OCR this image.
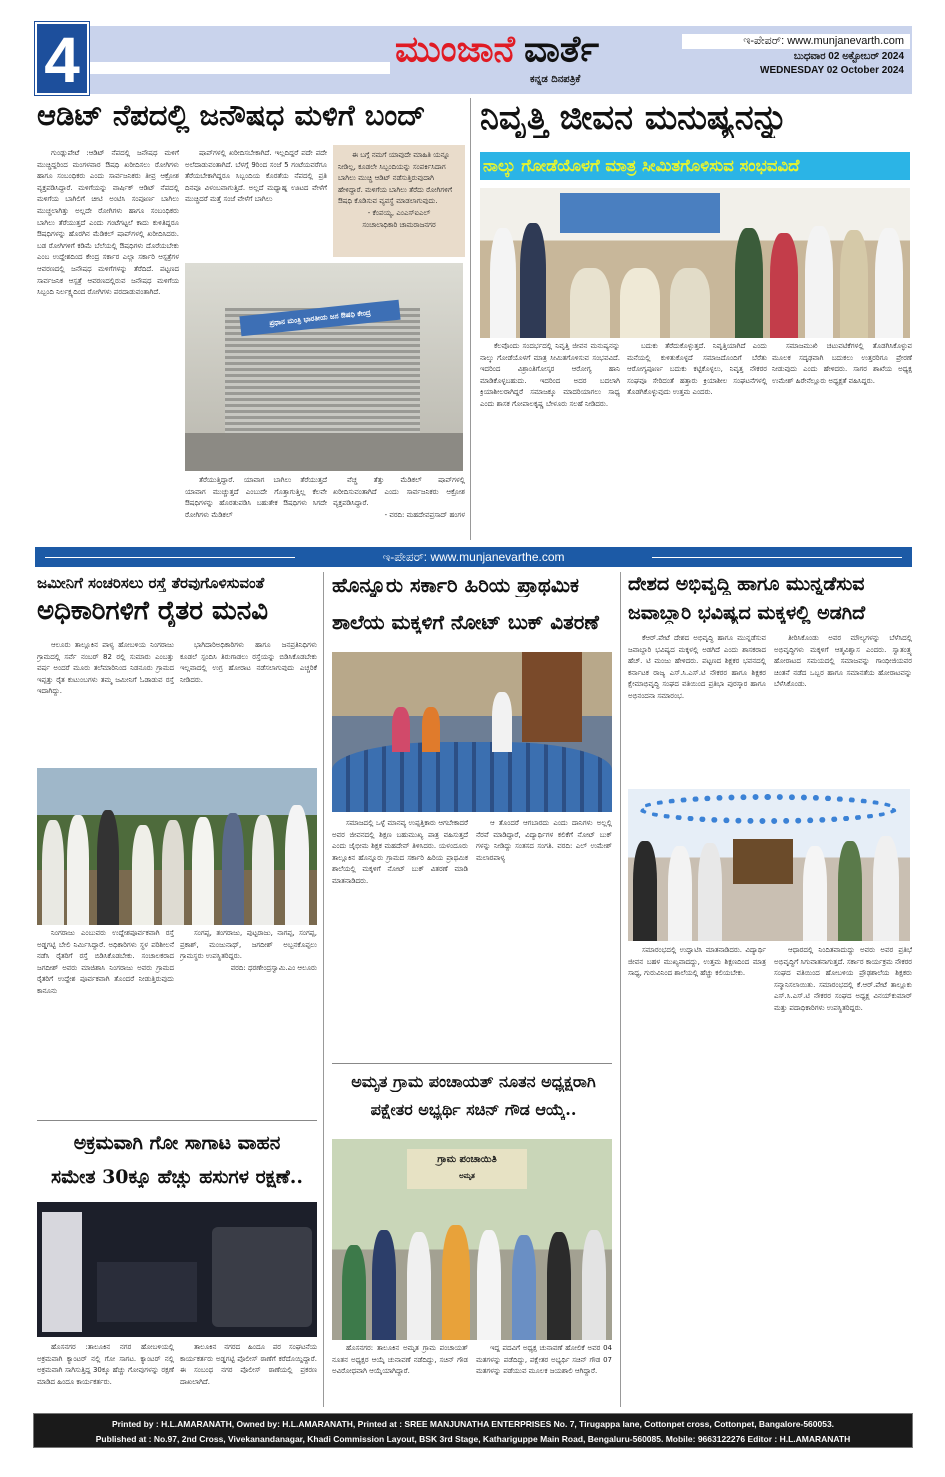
4	ಮುಂಜಾನೆ ವಾರ್ತೆ
ಕನ್ನಡ ದಿನಪತ್ರಿಕೆ
ಇ-ಪೇಪರ್: www.munjanevarth.com
ಬುಧವಾರ 02 ಅಕ್ಟೋಬರ್ 2024
WEDNESDAY 02 October 2024
ಆಡಿಟ್ ನೆಪದಲ್ಲಿ ಜನೌಷಧ ಮಳಿಗೆ ಬಂದ್

ಗುಂಡ್ಲುಪೇಟೆ :ಆಡಿಟ್ ನೆಪದಲ್ಲಿ ಜನೌಷಧ ಮಳಿಗೆ ಮುಚ್ಚಿದ್ದರಿಂದ ಮಂಗಳವಾರ ಔಷಧಿ ಖರೀದಿಸಲು ರೋಗಿಗಳು ಹಾಗೂ ಸಂಬಂಧಿಕರು ಎಂದು ಸಾರ್ವಜನಿಕರು ತೀವ್ರ ಆಕ್ರೋಶ ವ್ಯಕ್ತಪಡಿಸಿದ್ದಾರೆ. ಮಳಿಗೆಯನ್ನು ವಾರ್ಷಿಕ್ ಆಡಿಟ್ ನೆಪದಲ್ಲಿ ಮಳಿಗೆಯ ಬಾಗಿಲಿಗೆ ಚೀಟಿ ಅಂಟಿಸಿ ಸಂಪೂರ್ಣ ಬಾಗಿಲು ಮುಚ್ಚಲಾಗಿತ್ತು ಅಲ್ಲದೇ ರೋಗಿಗಳು ಹಾಗೂ ಸಂಬಂಧಿಕರು ಬಾಗಿಲು ತೆರೆಯುತ್ತದೆ ಎಂದು ಗಂಟೆಗಟ್ಟಲೆ ಕಾದು ಕುಳಿತಿದ್ದರೂ ಔಷಧಿಗಳನ್ನು ಹೊರಗಿನ ಮೆಡಿಕಲ್ ಷಾಪ್‌ಗಳಲ್ಲಿ ಖರೀದಿಸಿದರು. ಬಡ ರೋಗಿಗಳಿಗೆ ಕಡಿಮೆ ಬೆಲೆಯಲ್ಲಿ ಔಷಧಿಗಳು ದೊರೆಯಬೇಕು ಎಂಬ ಉದ್ದೇಶದಿಂದ ಕೇಂದ್ರ ಸರ್ಕಾರ ಎಲ್ಲಾ ಸರ್ಕಾರಿ ಆಸ್ಪತ್ರೆಗಳ ಆವರಣದಲ್ಲಿ ಜನೌಷಧ ಮಳಿಗೆಗಳನ್ನು ತೆರೆದಿದೆ. ಪಟ್ಟಣದ ಸಾರ್ವಜನಿಕ ಆಸ್ಪತ್ರೆ ಆವರಣದಲ್ಲಿರುವ ಜನೌಷಧ ಮಳಿಗೆಯ ಸಿಬ್ಬಂದಿ ನಿರ್ಲಕ್ಷ್ಯದಿಂದ ರೋಗಿಗಳು ಪರದಾಡುವಂತಾಗಿದೆ.

ಷಾಪ್‌ಗಳಲ್ಲಿ ಖರೀದಿಸಬೇಕಾಗಿದೆ. ಇಲ್ಲದಿದ್ದರೆ ಪದೇ ಪದೇ ಅಲೆದಾಡುವಂತಾಗಿದೆ. ಬೆಳಗ್ಗೆ 9ರಿಂದ ಸಂಜೆ 5 ಗಂಟೆಯವರೆಗೂ ತೆರೆಯಬೇಕಾಗಿದ್ದರೂ ಸಿಬ್ಬಂದಿಯ ಕೊರತೆಯ ನೆಪದಲ್ಲಿ ಪ್ರತಿ ದಿನವೂ ವಿಳಂಬವಾಗುತ್ತಿದೆ. ಅಲ್ಲದೆ ಮಧ್ಯಾಹ್ನ ಊಟದ ವೇಳೆಗೆ ಮುಚ್ಚಿದರೆ ಮತ್ತೆ ಸಂಜೆ ವೇಳೆಗೆ ಬಾಗಿಲು

ಈ ಬಗ್ಗೆ ನಮಗೆ ಯಾವುದೇ ಮಾಹಿತಿ ಯನ್ನೂ ನೀಡಿಲ್ಲ, ಕೂಡಲೇ ಸಿಬ್ಬಂದಿಯನ್ನು ಸಂಪರ್ಕಿಸಿದಾಗ ಬಾಗಿಲು ಮುಚ್ಚಿ ಆಡಿಟ್ ನಡೆಸುತ್ತಿರುವುದಾಗಿ ಹೇಳಿದ್ದಾರೆ. ಮಳಿಗೆಯ ಬಾಗಿಲು ತೆರೆದು ರೋಗಿಗಳಿಗೆ ಔಷಧಿ ಕೊಡಿಸುವ ವ್ಯವಸ್ಥೆ ಮಾಡಲಾಗುವುದು.

- ಕೆಂಪಯ್ಯ, ಎಂಎಸ್‌ಐಎಲ್
ಸಂಚಾಲಾಧಿಕಾರಿ ಚಾಮರಾಜನಗರ
ಪ್ರಧಾನ ಮಂತ್ರಿ ಭಾರತೀಯ ಜನ ಔಷಧಿ ಕೇಂದ್ರ

ತೆರೆಯುತ್ತಿದ್ದಾರೆ. ಯಾವಾಗ ಬಾಗಿಲು ತೆರೆಯುತ್ತದೆ ಯಾವಾಗ ಮುಚ್ಚುತ್ತದೆ ಎಂಬುದೇ ಗೊತ್ತಾಗುತ್ತಿಲ್ಲ ಕೆಲವೇ ಔಷಧಿಗಳನ್ನು ಹೊರತುಪಡಿಸಿ ಬಹುತೇಕ ಔಷಧಿಗಳು ಸಿಗದೇ ರೋಗಿಗಳು ಮೆಡಿಕಲ್

ವೆಚ್ಚ ತೆತ್ತು ಮೆಡಿಕಲ್ ಷಾಪ್‌ಗಳಲ್ಲಿ ಖರೀದಿಸುವಂತಾಗಿದೆ ಎಂದು ಸಾರ್ವಜನಿಕರು ಆಕ್ರೋಶ ವ್ಯಕ್ತಪಡಿಸಿದ್ದಾರೆ.

- ವರದಿ: ಮಹದೇವಪ್ರಸಾದ್ ಹಂಗಳ
ನಿವೃತ್ತಿ ಜೀವನ ಮನುಷ್ಯನನ್ನು
ನಾಲ್ಕು ಗೋಡೆಯೊಳಗೆ ಮಾತ್ರ ಸೀಮಿತಗೊಳಿಸುವ ಸಂಭವವಿದೆ

ಕೆಲವೊಂದು ಸಂದರ್ಭದಲ್ಲಿ ನಿವೃತ್ತಿ ಜೀವನ ಮನುಷ್ಯನನ್ನು ನಾಲ್ಕು ಗೋಡೆಯೊಳಗೆ ಮಾತ್ರ ಸೀಮಿತಗೊಳಿಸುವ ಸಂಭವವಿದೆ. ಇದರಿಂದ ವಿಶ್ರಾಂತಿಗೋಸ್ಕರ ಆರೋಗ್ಯ ಹಾನಿ ಮಾಡಿಕೊಳ್ಳಬಹುದು. ಇದರಿಂದ ಅದರ ಬದಲಾಗಿ ಕ್ರಿಯಾಶೀಲರಾಗಿದ್ದರೆ ಸಮಾಜಕ್ಕೂ ಮಾದರಿಯಾಗಲು ಸಾಧ್ಯ ಎಂದು ಶಾಸಕ ಗೋಪಾಲಕೃಷ್ಣ ಬೇಳೂರು ಸಲಹೆ ನೀಡಿದರು.

ಬದುಕು ತೆರೆದುಕೊಳ್ಳುತ್ತದೆ. ನಿವೃತ್ತಿಯಾಗಿದೆ ಎಂದು ಮನೆಯಲ್ಲಿ ಕುಳಿತುಕೊಳ್ಳದೆ ಸಮಾಜದೊಂದಿಗೆ ಬೆರೆತು ಆರೋಗ್ಯಪೂರ್ಣ ಬದುಕು ಕಟ್ಟಿಕೊಳ್ಳಲು, ನಿವೃತ್ತ ನೌಕರರ ಸಂಘವೂ ಸೇರಿದಂತೆ ಹತ್ತಾರು ಕ್ರಿಯಾಶೀಲ ಸಂಘಟನೆಗಳಲ್ಲಿ ತೊಡಗಿಕೊಳ್ಳುವುದು ಉತ್ತಮ ಎಂದರು.

ಸಮಾಜಮುಖಿ ಚಟುವಟಿಕೆಗಳಲ್ಲಿ ತೊಡಗಿಸಿಕೊಳ್ಳುವ ಮೂಲಕ ಸದೃಢವಾಗಿ ಬದುಕಲು ಉತ್ತರರಿಗೂ ಪ್ರೇರಣೆ ನೀಡುವುದು ಎಂದು ಹೇಳಿದರು. ಸಾಗರ ಶಾಖೆಯ ಅಧ್ಯಕ್ಷ ಉಮೇಶ್ ಹಿರೇನೆಲ್ಲೂರು ಅಧ್ಯಕ್ಷತೆ ವಹಿಸಿದ್ದರು.

ಇ-ಪೇಪರ್: www.munjanevarthe.com
ಜಮೀನಿಗೆ ಸಂಚರಿಸಲು ರಸ್ತೆ ತೆರವುಗೊಳಿಸುವಂತೆ
ಅಧಿಕಾರಿಗಳಿಗೆ ರೈತರ ಮನವಿ

ಆಲೂರು ತಾಲ್ಲೂಕಿನ ಪಾಳ್ಯ ಹೋಬಳಿಯ ನಿಂಗರಾಜು ಗ್ರಾಮದಲ್ಲಿ ಸರ್ವೆ ನಂಬರ್ 82 ರಲ್ಲಿ ಸುಮಾರು ಎಂಬತ್ತು ವರ್ಷ ಅಂದರೆ ಮೂರು ತಲೆಮಾರಿನಿಂದ ನಿಡನೂರು ಗ್ರಾಮದ ಇಪ್ಪತ್ತು ರೈತ ಕುಟುಂಬಗಳು ತಮ್ಮ ಜಮೀನಿಗೆ ಓಡಾಡುವ ರಸ್ತೆ ಇದಾಗಿದ್ದು.

ಭಾಗಿದಾರಿಅಧಿಕಾರಿಗಳು ಹಾಗೂ ಜನಪ್ರತಿನಿಧಿಗಳು ಕೂಡಲೆ ಸ್ಪಂದಿಸಿ ತಿರುಗಾಡಲು ರಸ್ತೆಯನ್ನು ಬಿಡಿಸಿಕೊಡಬೇಕು ಇಲ್ಲವಾದಲ್ಲಿ ಉಗ್ರ ಹೋರಾಟ ನಡೆಸಲಾಗುವುದು ಎಚ್ಚರಿಕೆ ನೀಡಿದರು.

ನಿಂಗರಾಜು ಎಂಬುವರು ಉದ್ದೇಶಪೂರ್ವಕವಾಗಿ ರಸ್ತೆ ಅಡ್ಡಗಟ್ಟಿ ಬೇಲಿ ನಿರ್ಮಿಸಿದ್ದಾರೆ. ಅಧಿಕಾರಿಗಳು ಸ್ಥಳ ಪರಿಶೀಲನೆ ನಡೆಸಿ ರೈತರಿಗೆ ರಸ್ತೆ ಬಿಡಿಸಿಕೊಡಬೇಕು. ಸಂಚಾಲಕರಾದ ಜಗದೀಶ್ ಅವರು ಮಾಜಿಶಾಸಿ ನಿಂಗರಾಜು ಅವರು ಗ್ರಾಮದ ರೈತರಿಗೆ ಉದ್ದೇಶ ಪೂರ್ವಕವಾಗಿ ತೊಂದರೆ ನೀಡುತ್ತಿರುವುದು ಕಾನೂನು

ಸಂಗಪ್ಪ, ತಂಗರಾಜು, ಪುಟ್ಟರಾಜು, ನಾಗಪ್ಪ, ಸಂಗಪ್ಪ, ಪ್ರಕಾಶ್, ಮಂಜುನಾಥ್, ಜಗದೀಶ್ ಅಬ್ಬನಕೊಪ್ಪಲು ಗ್ರಾಮಸ್ಥರು ಉಪಸ್ಥಿತರಿದ್ದರು.

ವರದಿ: ಧರಣೇಂದ್ರಸ್ವಾಮಿ.ಎಂ ಆಲೂರು
ಅಕ್ರಮವಾಗಿ ಗೋ ಸಾಗಾಟ ವಾಹನ
ಸಮೇತ 30ಕ್ಕೂ ಹೆಚ್ಚು ಹಸುಗಳ ರಕ್ಷಣೆ..

ಹೊಸನಗರ :ತಾಲೂಕಿನ ನಗರ ಹೋಬಳಿಯಲ್ಲಿ ಅಕ್ರಮವಾಗಿ ಕ್ಯಾಂಟರ್ ನಲ್ಲಿ ಗೋ ಸಾಗಟ. ಕ್ಯಾಂಟರ್ ನಲ್ಲಿ ಅಕ್ರಮವಾಗಿ ಸಾಗಿಸುತ್ತಿದ್ದ 30ಕ್ಕೂ ಹೆಚ್ಚು ಗೋವುಗಳನ್ನು ರಕ್ಷಣೆ ಮಾಡಿದ ಹಿಂದೂ ಕಾರ್ಯಕರ್ತರು.

ತಾಲೂಕಿನ ನಗರದ ಹಿಂದೂ ಪರ ಸಂಘಟನೆಯ ಕಾರ್ಯಕರ್ತರು ಅಡ್ಡಗಟ್ಟಿ ಪೊಲೀಸ್ ಠಾಣೆಗೆ ಕರೆದೊಯ್ದಿದ್ದಾರೆ. ಈ ಸಂಬಂಧ ನಗರ ಪೊಲೀಸ್ ಠಾಣೆಯಲ್ಲಿ ಪ್ರಕರಣ ದಾಖಲಾಗಿದೆ.

ಹೊನ್ನೂರು ಸರ್ಕಾರಿ ಹಿರಿಯ ಪ್ರಾಥಮಿಕ
ಶಾಲೆಯ ಮಕ್ಕಳಿಗೆ ನೋಟ್ ಬುಕ್ ವಿತರಣೆ

ಸಮಾಜದಲ್ಲಿ ಒಳ್ಳೆ ಮಾನವ್ಯ ಉಪ್ಪತ್ತಿಕಾರು ಆಗಬೇಕಾದರೆ ಅವರ ಜೀವನದಲ್ಲಿ ಶಿಕ್ಷಣ ಬಹುಮುಖ್ಯ ಪಾತ್ರ ವಹಿಸುತ್ತದೆ ಎಂದು ಜೈಭೀಮ ಶಿಕ್ಷಕ ಮಹದೇವ್ ತಿಳಿಸಿದರು. ಯಳಂದೂರು ತಾಲ್ಲೂಕಿನ ಹೊನ್ನೂರು ಗ್ರಾಮದ ಸರ್ಕಾರಿ ಹಿರಿಯ ಪ್ರಾಥಮಿಕ ಶಾಲೆಯಲ್ಲಿ ಮಕ್ಕಳಿಗೆ ನೋಟ್ ಬುಕ್ ವಿತರಣೆ ಮಾಡಿ ಮಾತನಾಡಿದರು.

ಆ ತೊಂದರೆ ಆಗಬಾರದು ಎಂದು ದಾನಿಗಳು ಅಲ್ಲಲ್ಲಿ ನೆರವೆ ಮಾಡಿದ್ದಾರೆ, ವಿದ್ಯಾರ್ಥಿಗಳ ಕಲಿಕೆಗೆ ನೋಟ್ ಬುಕ್ ಗಳನ್ನು ನೀಡಿದ್ದು ಸಂತಸದ ಸಂಗತಿ. ವರದಿ: ಎಲ್ ಉಮೇಶ್ ಮಲಾರಪಾಳ್ಯ

ಅಮೃತ ಗ್ರಾಮ ಪಂಚಾಯತ್ ನೂತನ ಅಧ್ಯಕ್ಷರಾಗಿ
ಪಕ್ಷೇತರ ಅಭ್ಯರ್ಥಿ ಸಚಿನ್ ಗೌಡ ಆಯ್ಕೆ..
ಗ್ರಾಮ ಪಂಚಾಯಿತಿ
ಅಮೃತ

ಹೊಸನಗರ: ತಾಲೂಕಿನ ಅಮೃತ ಗ್ರಾಮ ಪಂಚಾಯತ್ ನೂತನ ಅಧ್ಯಕ್ಷರ ಆಯ್ಕೆ ಚುನಾವಣೆ ನಡೆದಿದ್ದು, ಸಚಿನ್ ಗೌಡ ಅವಿರೋಧವಾಗಿ ಆಯ್ಕೆಯಾಗಿದ್ದಾರೆ.

ಇದ್ದ ಪದವಿಗೆ ಅಧ್ಯಕ್ಷ ಚುನಾವಣೆ ಹೋಲಿಕೆ ಅವರ 04 ಮತಗಳನ್ನು ಪಡೆದಿದ್ದು, ಪಕ್ಷೇತರ ಅಭ್ಯರ್ಥಿ ಸಚಿನ್ ಗೌಡ 07 ಮತಗಳನ್ನು ಪಡೆಯುವ ಮೂಲಕ ಜಯಶಾಲಿ ಆಗಿದ್ದಾರೆ.

ದೇಶದ ಅಭಿವೃದ್ಧಿ ಹಾಗೂ ಮುನ್ನಡೆಸುವ
ಜವಾಬ್ದಾರಿ ಭವಿಷ್ಯದ ಮಕ್ಕಳಲ್ಲಿ ಅಡಗಿದೆ

ಕೆಆರ್.ಪೇಟೆ ದೇಶದ ಅಭಿವೃದ್ಧಿ ಹಾಗೂ ಮುನ್ನಡೆಸುವ ಜವಾಬ್ದಾರಿ ಭವಿಷ್ಯದ ಮಕ್ಕಳಲ್ಲಿ ಅಡಗಿದೆ ಎಂದು ಶಾಸಕರಾದ ಹೆಚ್. ಟಿ ಮಂಜು ಹೇಳಿದರು. ಪಟ್ಟಣದ ಶಿಕ್ಷಕರ ಭವನದಲ್ಲಿ ಕರ್ನಾಟಕ ರಾಜ್ಯ ಎಸ್.ಸಿ.ಎಸ್.ಟಿ ನೌಕರರ ಹಾಗೂ ಶಿಕ್ಷಕರ ಕ್ಷೇಮಾಭಿವೃದ್ಧಿ ಸಂಘದ ವತಿಯಿಂದ ಪ್ರತಿಭಾ ಪುರಸ್ಕಾರ ಹಾಗೂ ಅಭಿನಂದನಾ ಸಮಾರಂಭ.

ತೀರಿಸಿಕೊಂಡು ಅವರ ಮೌಲ್ಯಗಳನ್ನು ಬೆಳೆಸಿದಲ್ಲಿ ಅಭಿವೃದ್ಧಿಗಳು ಮಕ್ಕಳಿಗೆ ಆತ್ಮವಿಶ್ವಾಸ ಎಂದರು. ಸ್ವಾತಂತ್ರ್ಯ ಹೋರಾಟದ ಸಮಯದಲ್ಲಿ ಸಮಾಜವನ್ನು ಗಾಂಧೀಜಿಯವರ ಚಿಂತನೆ ನಡೆದ ಒಬ್ಬರ ಹಾಗೂ ಸಮಾನತೆಯ ಹೋರಾಟವನ್ನು ಬೆಳೆಸಿಕೊಂಡು.

ಸಮಾರಂಭದಲ್ಲಿ ಉದ್ಘಾಟಿಸಿ ಮಾತನಾಡಿದರು. ವಿದ್ಯಾರ್ಥಿ ಜೀವನ ಬಹಳ ಮುಖ್ಯವಾದದ್ದು, ಉತ್ತಮ ಶಿಕ್ಷಣದಿಂದ ಮಾತ್ರ ಸಾಧ್ಯ, ಗುರುವಿನಿಂದ ಶಾಲೆಯಲ್ಲಿ ಹೆಚ್ಚು ಕಲಿಯಬೇಕು.

ಆಧಾರದಲ್ಲಿ ನಿಂದಿತವಾದುದ್ದು ಅವರು ಅವರ ಪ್ರತಿಭೆ ಅಭಿವೃದ್ಧಿಗೆ ಸಿಗುವಾತನಾಗುತ್ತದೆ. ಸರ್ಕಾರ ಕಾರ್ಯಕ್ರಮ ನೌಕರರ ಸಂಘದ ವತಿಯಿಂದ ಹೋಬಳಿಯ ಪ್ರೌಢಶಾಲೆಯ ಶಿಕ್ಷಕರು ಸನ್ಮಾನಿಸಲಾಯಿತು. ಸಮಾರಂಭದಲ್ಲಿ ಕೆ.ಆರ್.ಪೇಟೆ ತಾಲ್ಲೂಕು ಎಸ್.ಸಿ.ಎಸ್.ಟಿ ನೌಕರರ ಸಂಘದ ಅಧ್ಯಕ್ಷ ವಿನಯ್‌ಕುಮಾರ್ ಮತ್ತು ಪದಾಧಿಕಾರಿಗಳು ಉಪಸ್ಥಿತರಿದ್ದರು.

Printed by : H.L.AMARANATH, Owned by: H.L.AMARANATH, Printed at : SREE MANJUNATHA ENTERPRISES No. 7, Tirugappa lane, Cottonpet cross, Cottonpet, Bangalore-560053.
Published at : No.97, 2nd Cross, Vivekanandanagar, Khadi Commission Layout, BSK 3rd Stage, Kathariguppe Main Road, Bengaluru-560085. Mobile: 9663122276 Editor : H.L.AMARANATH
